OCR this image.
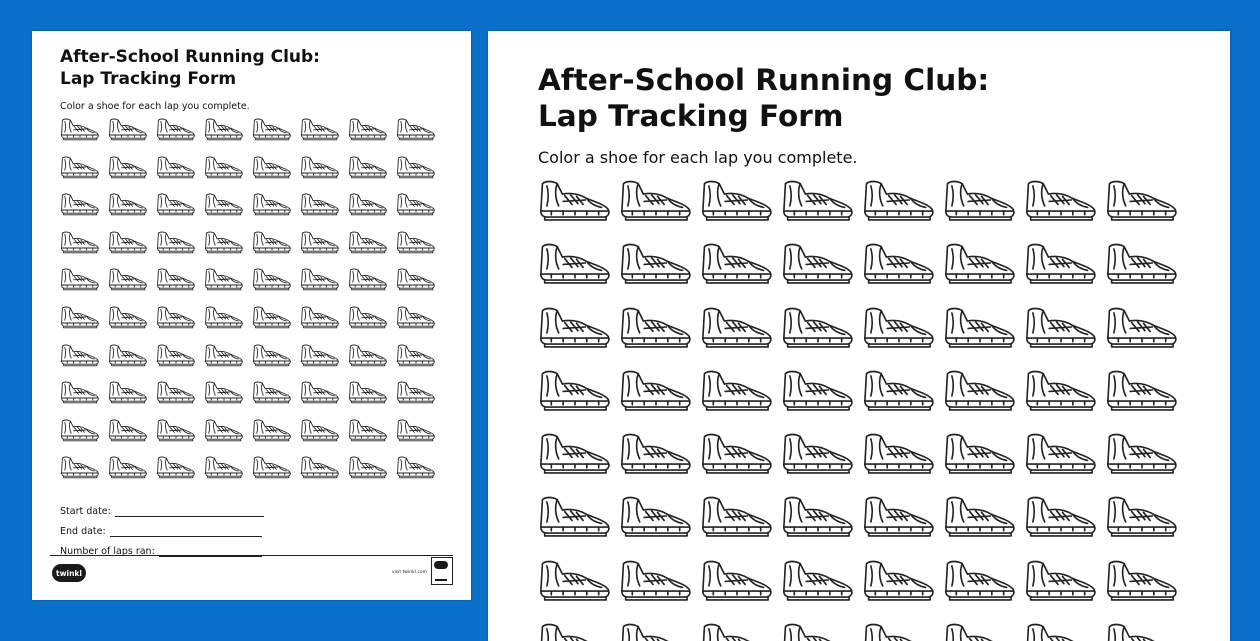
After-School Running Club:
Lap Tracking Form
Color a shoe for each lap you complete.
Start date:
End date:
Number of laps ran:
twinkl	visit twinkl.com
After-School Running Club:
Lap Tracking Form
Color a shoe for each lap you complete.
